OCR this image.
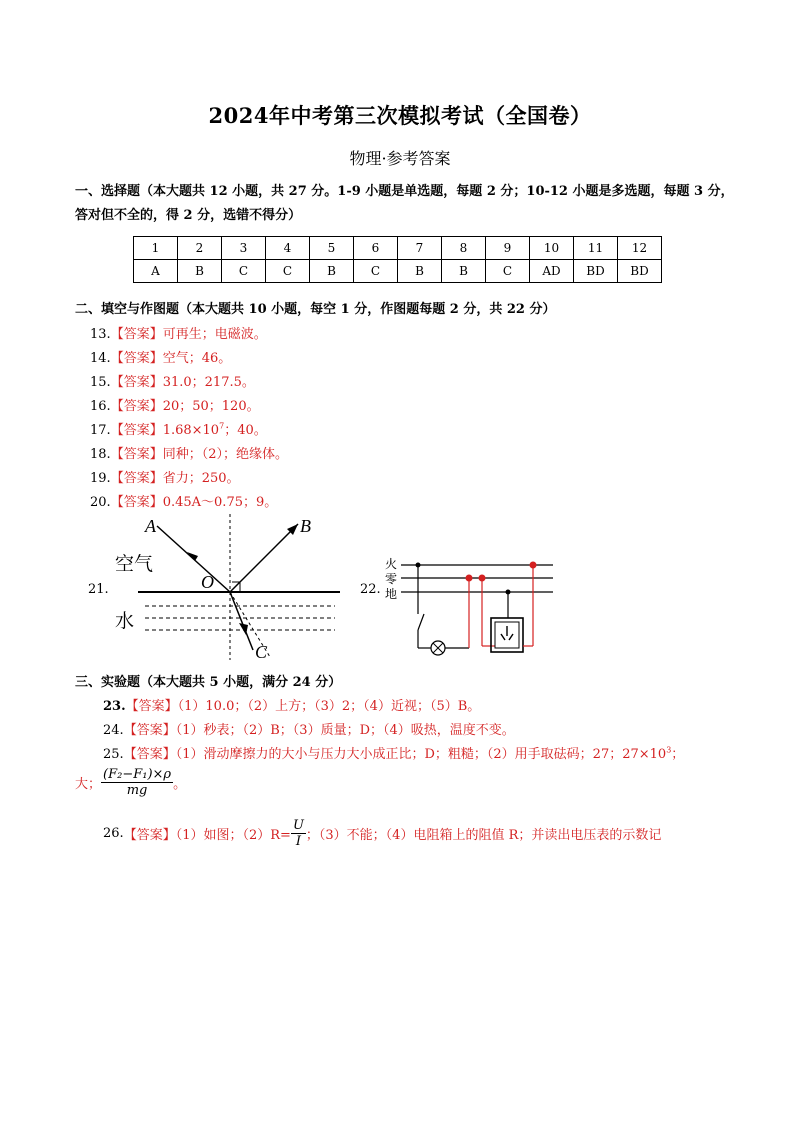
2024年中考第三次模拟考试（全国卷）
物理·参考答案
一、选择题（本大题共 12 小题，共 27 分。1-9 小题是单选题，每题 2 分；10-12 小题是多选题，每题 3 分，
答对但不全的，得 2 分，选错不得分）
1	2	3	4	5	6	7	8	9	10	11	12
A	B	C	C	B	C	B	B	C	AD	BD	BD
二、填空与作图题（本大题共 10 小题，每空 1 分，作图题每题 2 分，共 22 分）
13.【答案】可再生；电磁波。
14.【答案】空气；46。
15.【答案】31.0；217.5。
16.【答案】20；50；120。
17.【答案】$1.68\times 10^7$；40。
18.【答案】同种；（2）；绝缘体。
19.【答案】省力；250。
20.【答案】0.45A～0.75；9。
21.
A	B
C
O
空气
水
22.
火
零
地
三、实验题（本大题共 5 小题，满分 24 分）
23.【答案】（1）10.0；（2）上方；（3）2；（4）近视；（5）B。
24.【答案】（1）秒表；（2）B；（3）质量；D；（4）吸热，温度不变。
25.【答案】（1）滑动摩擦力的大小与压力大小成正比；D；粗糙；（2）用手取砝码；27；$27\times 10^3$；
大； $\frac{\text{(F₂−F₁)×ρ}}{mg}$ 。
26.【答案】（1）如图；$(2)R= \frac{U}{I}$ ；（3）不能；（4）电阻箱上的阻值 R；并读出电压表的示数记
